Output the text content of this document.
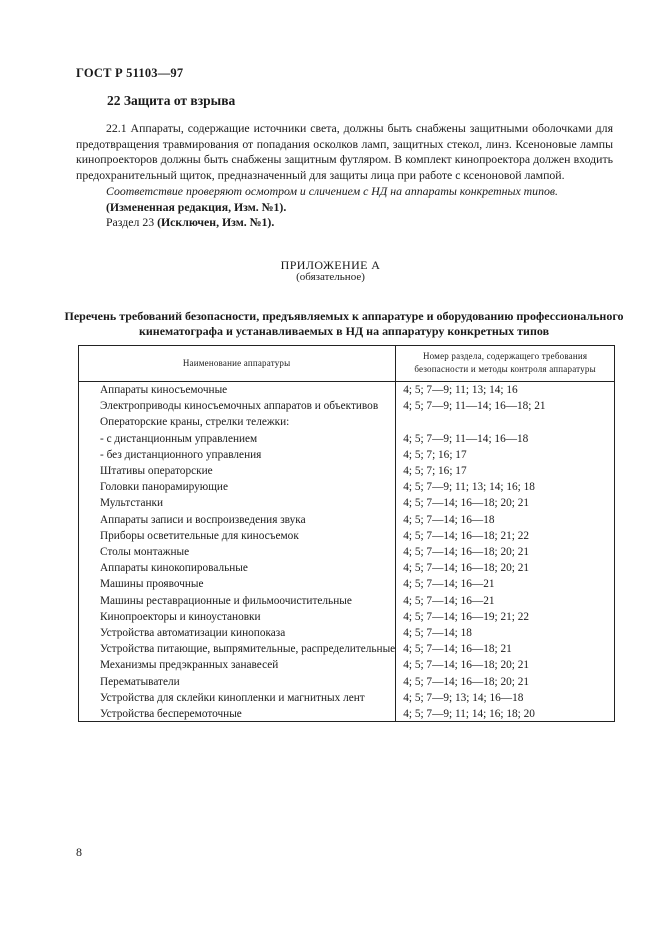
ГОСТ Р 51103—97
22 Защита от взрыва

22.1 Аппараты, содержащие источники света, должны быть снабжены защитными оболочками для предотвращения травмирования от попадания осколков ламп, защитных стекол, линз. Ксеноновые лампы кинопроекторов должны быть снабжены защитным футляром. В комплект кинопроектора должен входить предохранительный щиток, предназначенный для защиты лица при работе с ксеноновой лампой.

Соответствие проверяют осмотром и сличением с НД на аппараты конкретных типов.

(Измененная редакция, Изм. №1).

Раздел 23 (Исключен, Изм. №1).

ПРИЛОЖЕНИЕ А
(обязательное)
Перечень требований безопасности, предъявляемых к аппаратуре и оборудованию профессионального
кинематографа и устанавливаемых в НД на аппаратуру конкретных типов
Наименование аппаратуры	Номер раздела, содержащего требования
безопасности и методы контроля аппаратуры

Аппараты киносъемочные	4; 5; 7—9; 11; 13; 14; 16
Электроприводы киносъемочных аппаратов и объективов	4; 5; 7—9; 11—14; 16—18; 21
Операторские краны, стрелки тележки:	
- с дистанционным управлением	4; 5; 7—9; 11—14; 16—18
- без дистанционного управления	4; 5; 7; 16; 17
Штативы операторские	4; 5; 7; 16; 17
Головки панорамирующие	4; 5; 7—9; 11; 13; 14; 16; 18
Мультстанки	4; 5; 7—14; 16—18; 20; 21
Аппараты записи и воспроизведения звука	4; 5; 7—14; 16—18
Приборы осветительные для киносъемок	4; 5; 7—14; 16—18; 21; 22
Столы монтажные	4; 5; 7—14; 16—18; 20; 21
Аппараты кинокопировальные	4; 5; 7—14; 16—18; 20; 21
Машины проявочные	4; 5; 7—14; 16—21
Машины реставрационные и фильмоочистительные	4; 5; 7—14; 16—21
Кинопроекторы и киноустановки	4; 5; 7—14; 16—19; 21; 22
Устройства автоматизации кинопоказа	4; 5; 7—14; 18
Устройства питающие, выпрямительные, распределительные	4; 5; 7—14; 16—18; 21
Механизмы предэкранных занавесей	4; 5; 7—14; 16—18; 20; 21
Перематыватели	4; 5; 7—14; 16—18; 20; 21
Устройства для склейки кинопленки и магнитных лент	4; 5; 7—9; 13; 14; 16—18
Устройства бесперемоточные	4; 5; 7—9; 11; 14; 16; 18; 20
8
